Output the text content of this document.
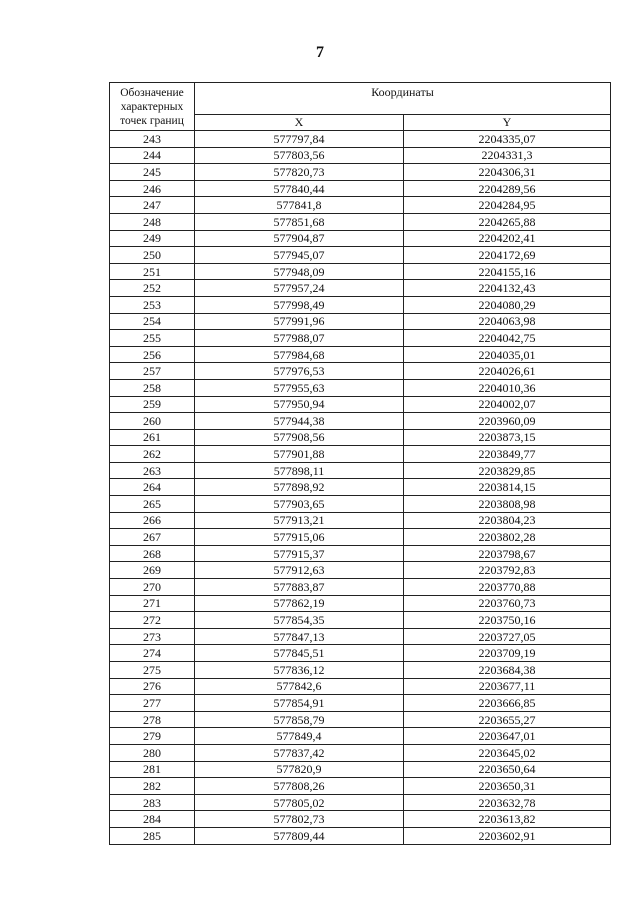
7
Обозначение характерных точек границ	Координаты	
	X	Y
243	577797,84	2204335,07
244	577803,56	2204331,3
245	577820,73	2204306,31
246	577840,44	2204289,56
247	577841,8	2204284,95
248	577851,68	2204265,88
249	577904,87	2204202,41
250	577945,07	2204172,69
251	577948,09	2204155,16
252	577957,24	2204132,43
253	577998,49	2204080,29
254	577991,96	2204063,98
255	577988,07	2204042,75
256	577984,68	2204035,01
257	577976,53	2204026,61
258	577955,63	2204010,36
259	577950,94	2204002,07
260	577944,38	2203960,09
261	577908,56	2203873,15
262	577901,88	2203849,77
263	577898,11	2203829,85
264	577898,92	2203814,15
265	577903,65	2203808,98
266	577913,21	2203804,23
267	577915,06	2203802,28
268	577915,37	2203798,67
269	577912,63	2203792,83
270	577883,87	2203770,88
271	577862,19	2203760,73
272	577854,35	2203750,16
273	577847,13	2203727,05
274	577845,51	2203709,19
275	577836,12	2203684,38
276	577842,6	2203677,11
277	577854,91	2203666,85
278	577858,79	2203655,27
279	577849,4	2203647,01
280	577837,42	2203645,02
281	577820,9	2203650,64
282	577808,26	2203650,31
283	577805,02	2203632,78
284	577802,73	2203613,82
285	577809,44	2203602,91
